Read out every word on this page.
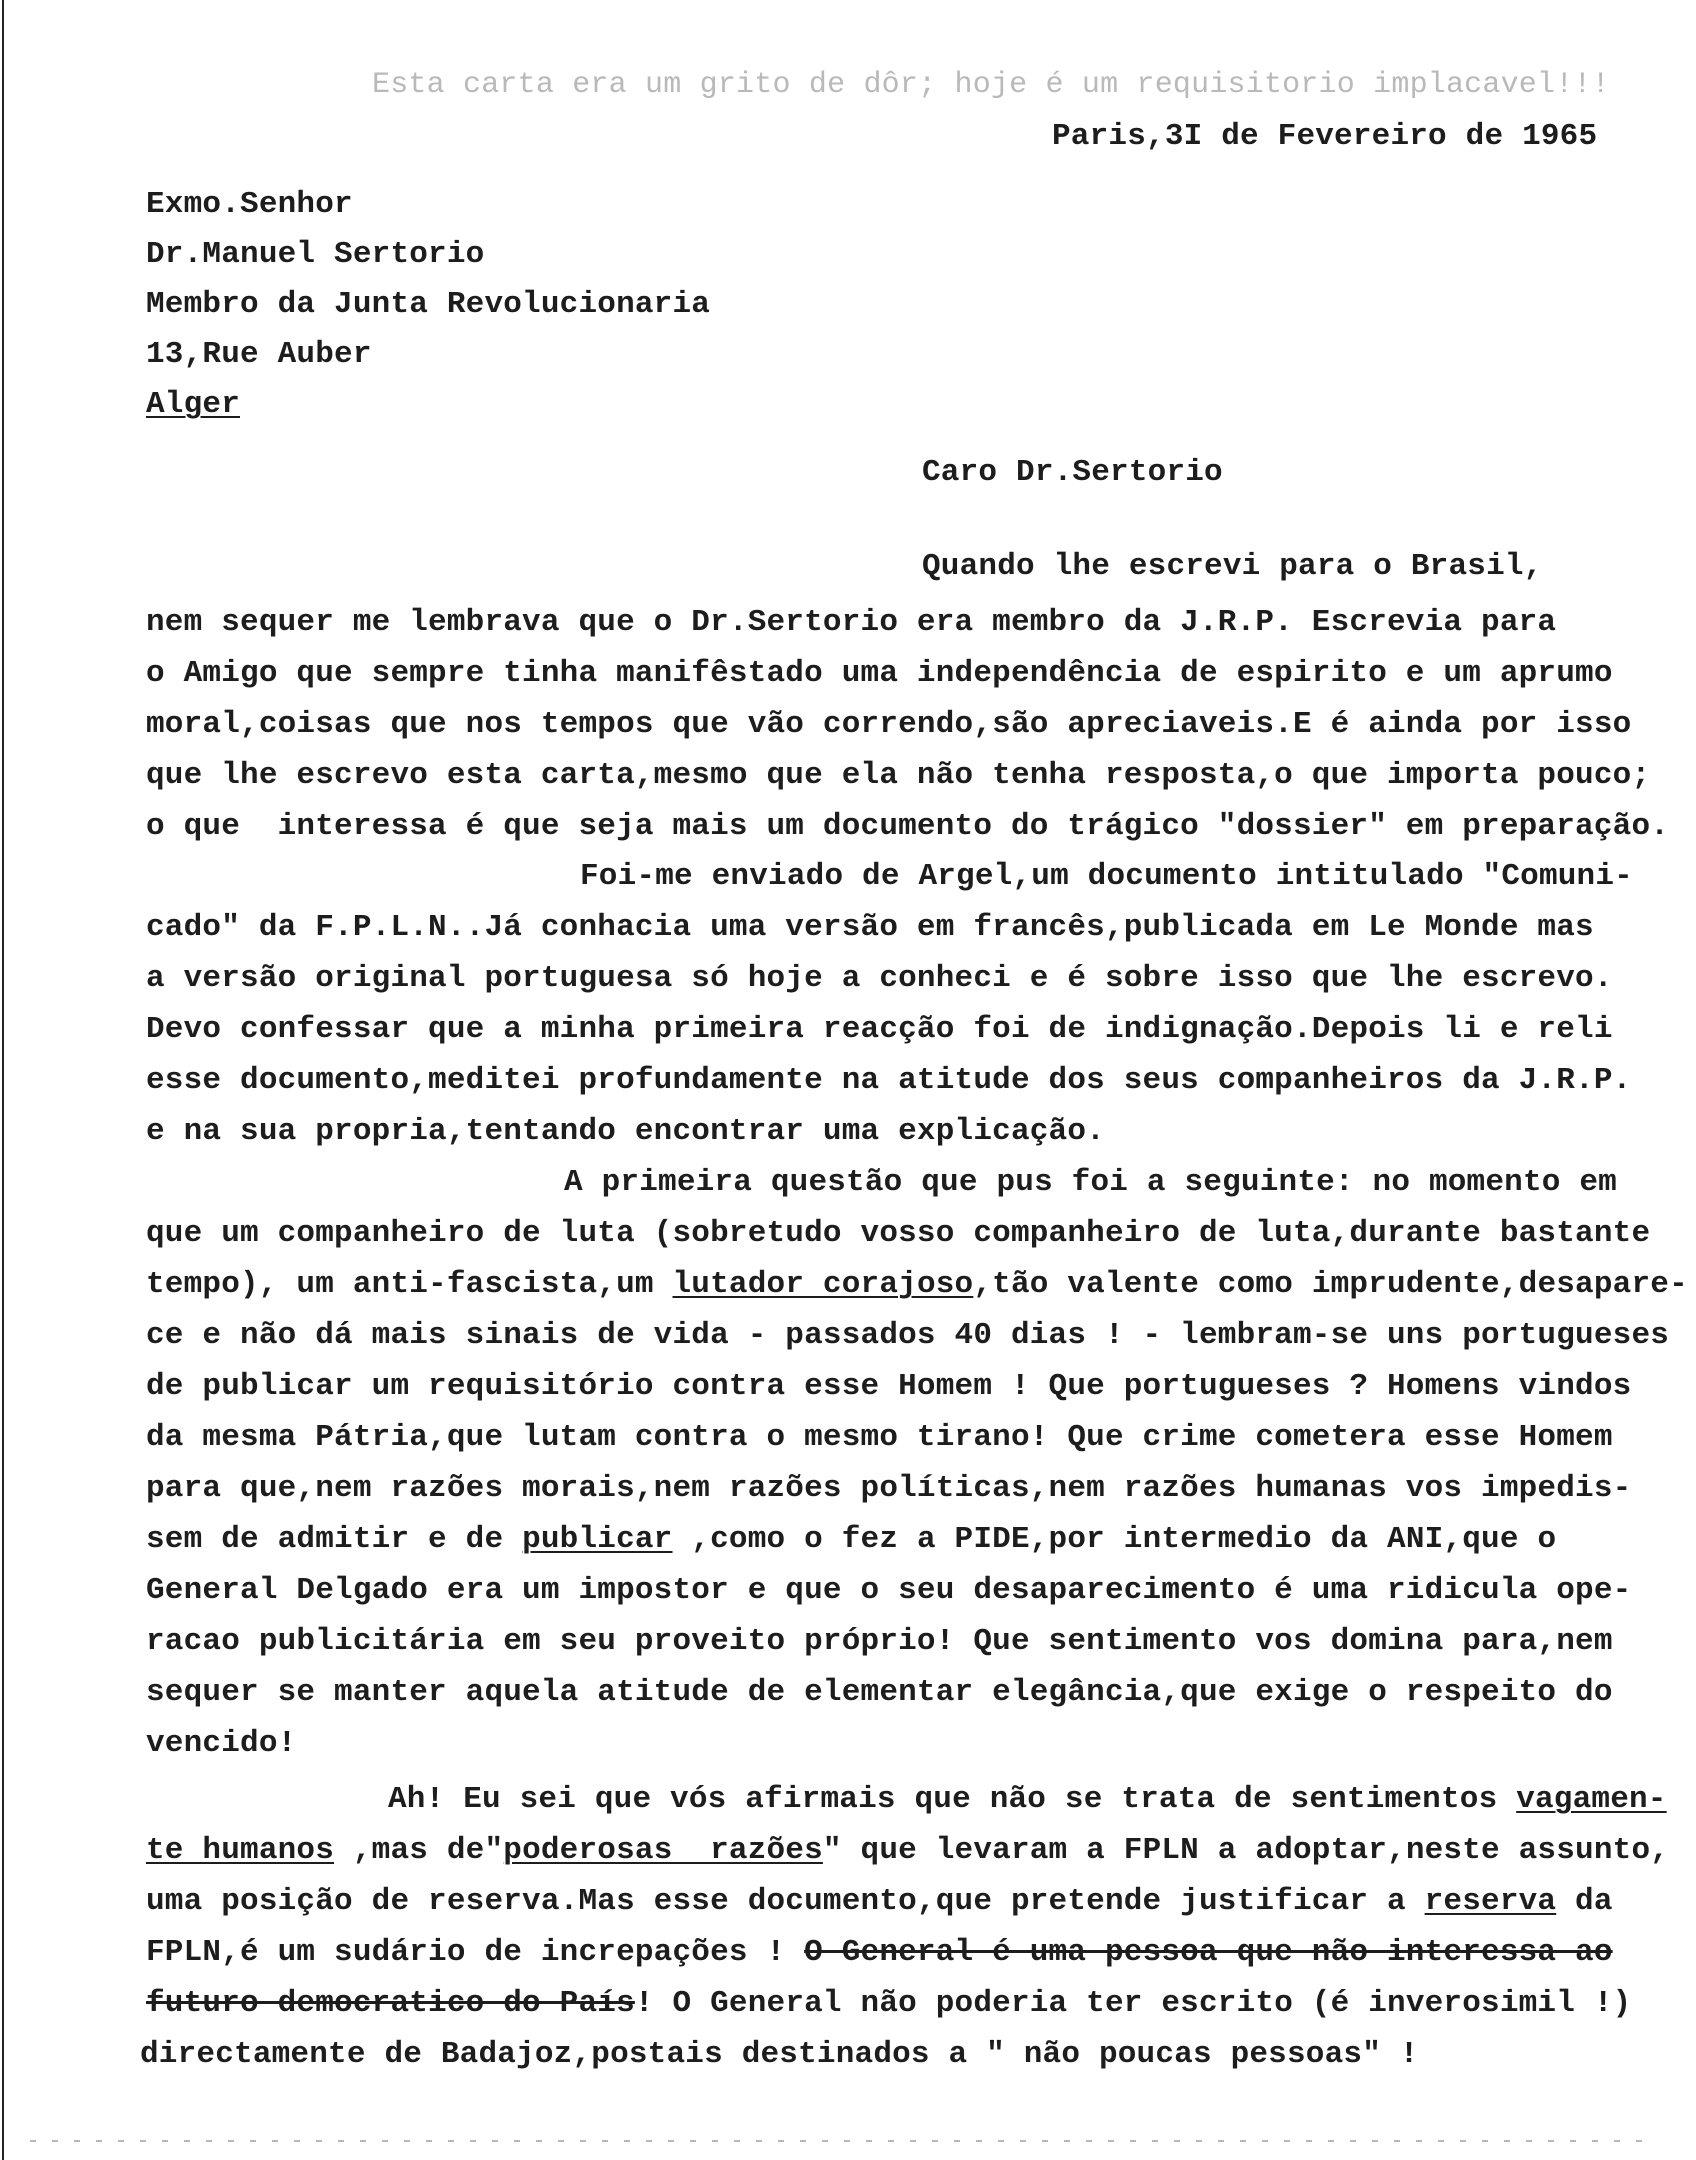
Esta carta era um grito de dôr; hoje é um requisitorio implacavel!!!
Paris,3I de Fevereiro de 1965
Exmo.Senhor
Dr.Manuel Sertorio
Membro da Junta Revolucionaria
13,Rue Auber
Alger
Caro Dr.Sertorio
Quando lhe escrevi para o Brasil,
nem sequer me lembrava que o Dr.Sertorio era membro da J.R.P. Escrevia para
o Amigo que sempre tinha manifêstado uma independência de espirito e um aprumo
moral,coisas que nos tempos que vão correndo,são apreciaveis.E é ainda por isso
que lhe escrevo esta carta,mesmo que ela não tenha resposta,o que importa pouco;
o que  interessa é que seja mais um documento do trágico "dossier" em preparação.
Foi-me enviado de Argel,um documento intitulado "Comuni-
cado" da F.P.L.N..Já conhacia uma versão em francês,publicada em Le Monde mas
a versão original portuguesa só hoje a conheci e é sobre isso que lhe escrevo.
Devo confessar que a minha primeira reacção foi de indignação.Depois li e reli
esse documento,meditei profundamente na atitude dos seus companheiros da J.R.P.
e na sua propria,tentando encontrar uma explicação.
A primeira questão que pus foi a seguinte: no momento em
que um companheiro de luta (sobretudo vosso companheiro de luta,durante bastante
tempo), um anti-fascista,um lutador corajoso,tão valente como imprudente,desapare-
ce e não dá mais sinais de vida - passados 40 dias ! - lembram-se uns portugueses
de publicar um requisitório contra esse Homem ! Que portugueses ? Homens vindos
da mesma Pátria,que lutam contra o mesmo tirano! Que crime cometera esse Homem
para que,nem razões morais,nem razões políticas,nem razões humanas vos impedis-
sem de admitir e de publicar ,como o fez a PIDE,por intermedio da ANI,que o
General Delgado era um impostor e que o seu desaparecimento é uma ridicula ope-
racao publicitária em seu proveito próprio! Que sentimento vos domina para,nem
sequer se manter aquela atitude de elementar elegância,que exige o respeito do
vencido!
Ah! Eu sei que vós afirmais que não se trata de sentimentos vagamen-
te humanos ,mas de"poderosas  razões" que levaram a FPLN a adoptar,neste assunto,
uma posição de reserva.Mas esse documento,que pretende justificar a reserva da
FPLN,é um sudário de increpações ! O General é uma pessoa que não interessa ao
futuro democratico do País! O General não poderia ter escrito (é inverosimil !)
directamente de Badajoz,postais destinados a " não poucas pessoas" !
